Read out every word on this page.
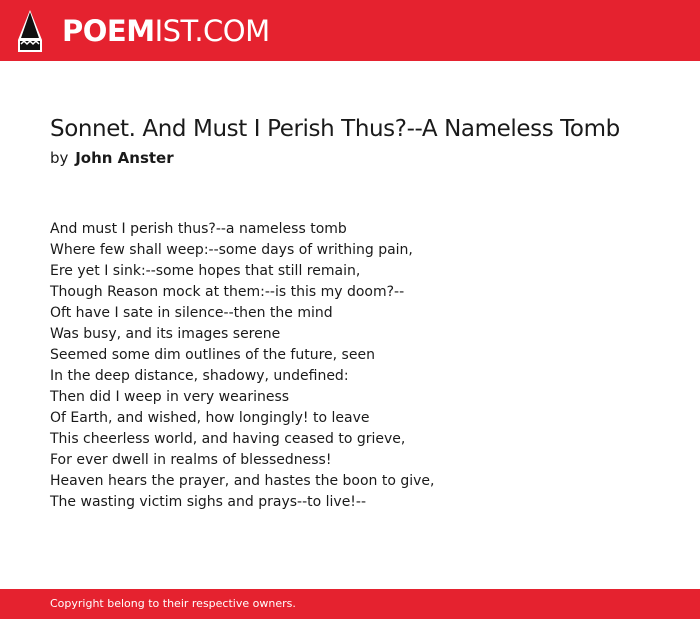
POEMIST.COM
Sonnet. And Must I Perish Thus?--A Nameless Tomb
by John Anster
And must I perish thus?--a nameless tomb
Where few shall weep:--some days of writhing pain,
Ere yet I sink:--some hopes that still remain,
Though Reason mock at them:--is this my doom?--
Oft have I sate in silence--then the mind
Was busy, and its images serene
Seemed some dim outlines of the future, seen
In the deep distance, shadowy, undefined:
Then did I weep in very weariness
Of Earth, and wished, how longingly! to leave
This cheerless world, and having ceased to grieve,
For ever dwell in realms of blessedness!
Heaven hears the prayer, and hastes the boon to give,
The wasting victim sighs and prays--to live!--
Copyright belong to their respective owners.
